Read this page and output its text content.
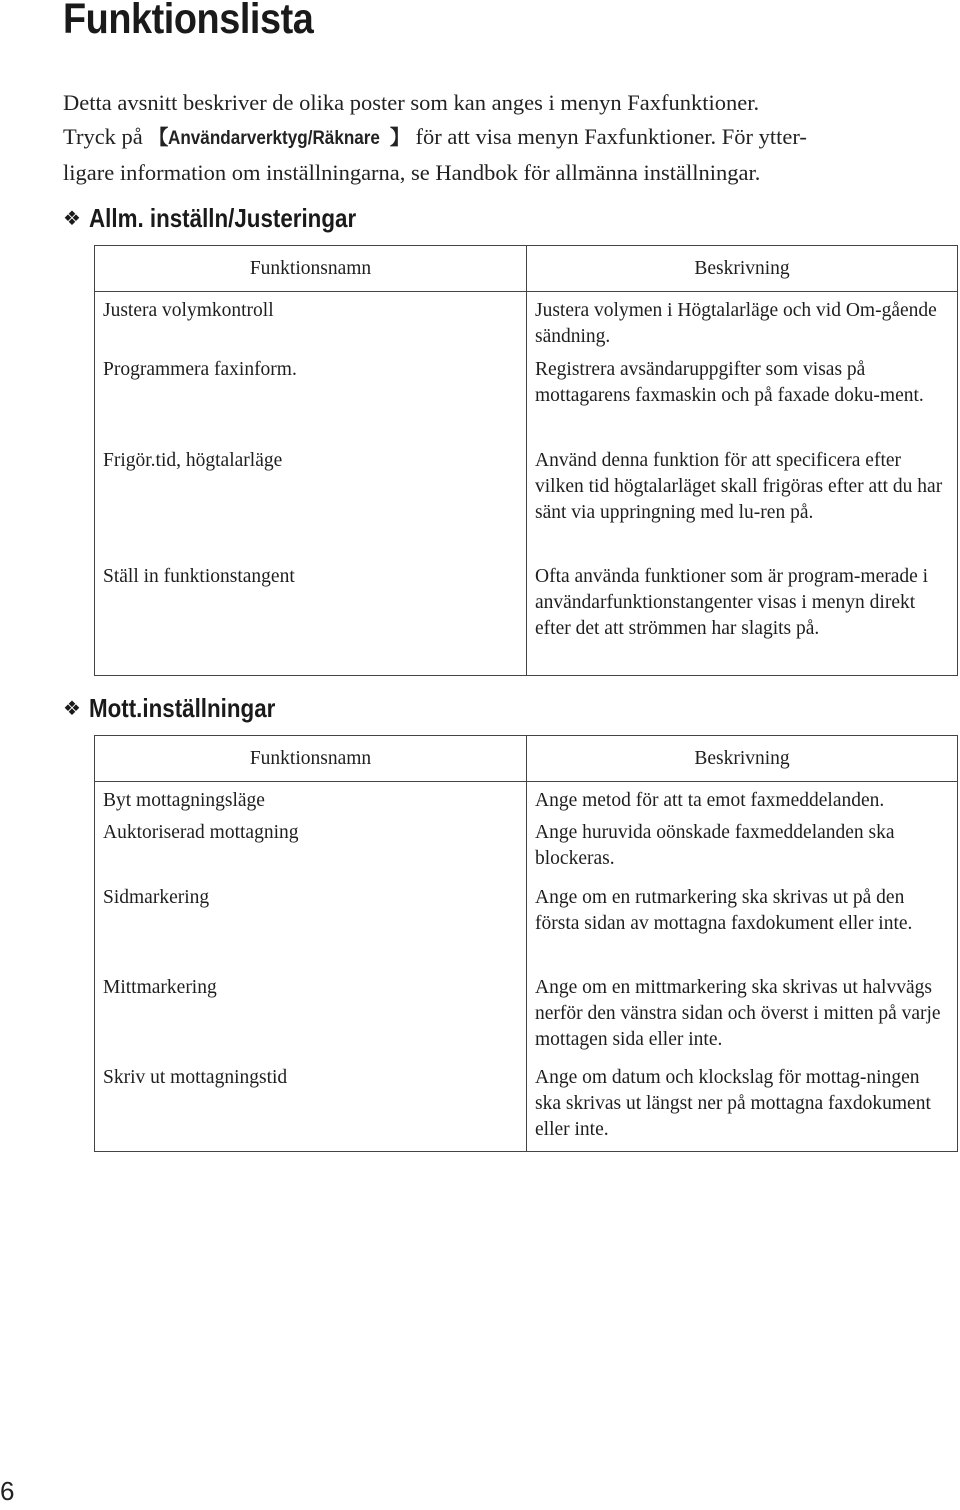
Funktionslista

Detta avsnitt beskriver de olika poster som kan anges i menyn Faxfunktioner.
Tryck på 【Användarverktyg/Räknare 】 för att visa menyn Faxfunktioner. För ytter-
ligare information om inställningarna, se Handbok för allmänna inställningar.

❖ Allm. inställn/Justeringar
Funktionsnamn	Beskrivning
Justera volymkontroll	Justera volymen i Högtalarläge och vid Om-gående sändning.
Programmera faxinform.	Registrera avsändaruppgifter som visas på mottagarens faxmaskin och på faxade doku-ment.
Frigör.tid, högtalarläge	Använd denna funktion för att specificera efter vilken tid högtalarläget skall frigöras efter att du har sänt via uppringning med lu-ren på.
Ställ in funktionstangent	Ofta använda funktioner som är program-merade i användarfunktionstangenter visas i menyn direkt efter det att strömmen har slagits på.
❖ Mott.inställningar
Funktionsnamn	Beskrivning
Byt mottagningsläge	Ange metod för att ta emot faxmeddelanden.
Auktoriserad mottagning	Ange huruvida oönskade faxmeddelanden ska blockeras.
Sidmarkering	Ange om en rutmarkering ska skrivas ut på den första sidan av mottagna faxdokument eller inte.
Mittmarkering	Ange om en mittmarkering ska skrivas ut halvvägs nerför den vänstra sidan och överst i mitten på varje mottagen sida eller inte.
Skriv ut mottagningstid	Ange om datum och klockslag för mottag-ningen ska skrivas ut längst ner på mottagna faxdokument eller inte.
6
